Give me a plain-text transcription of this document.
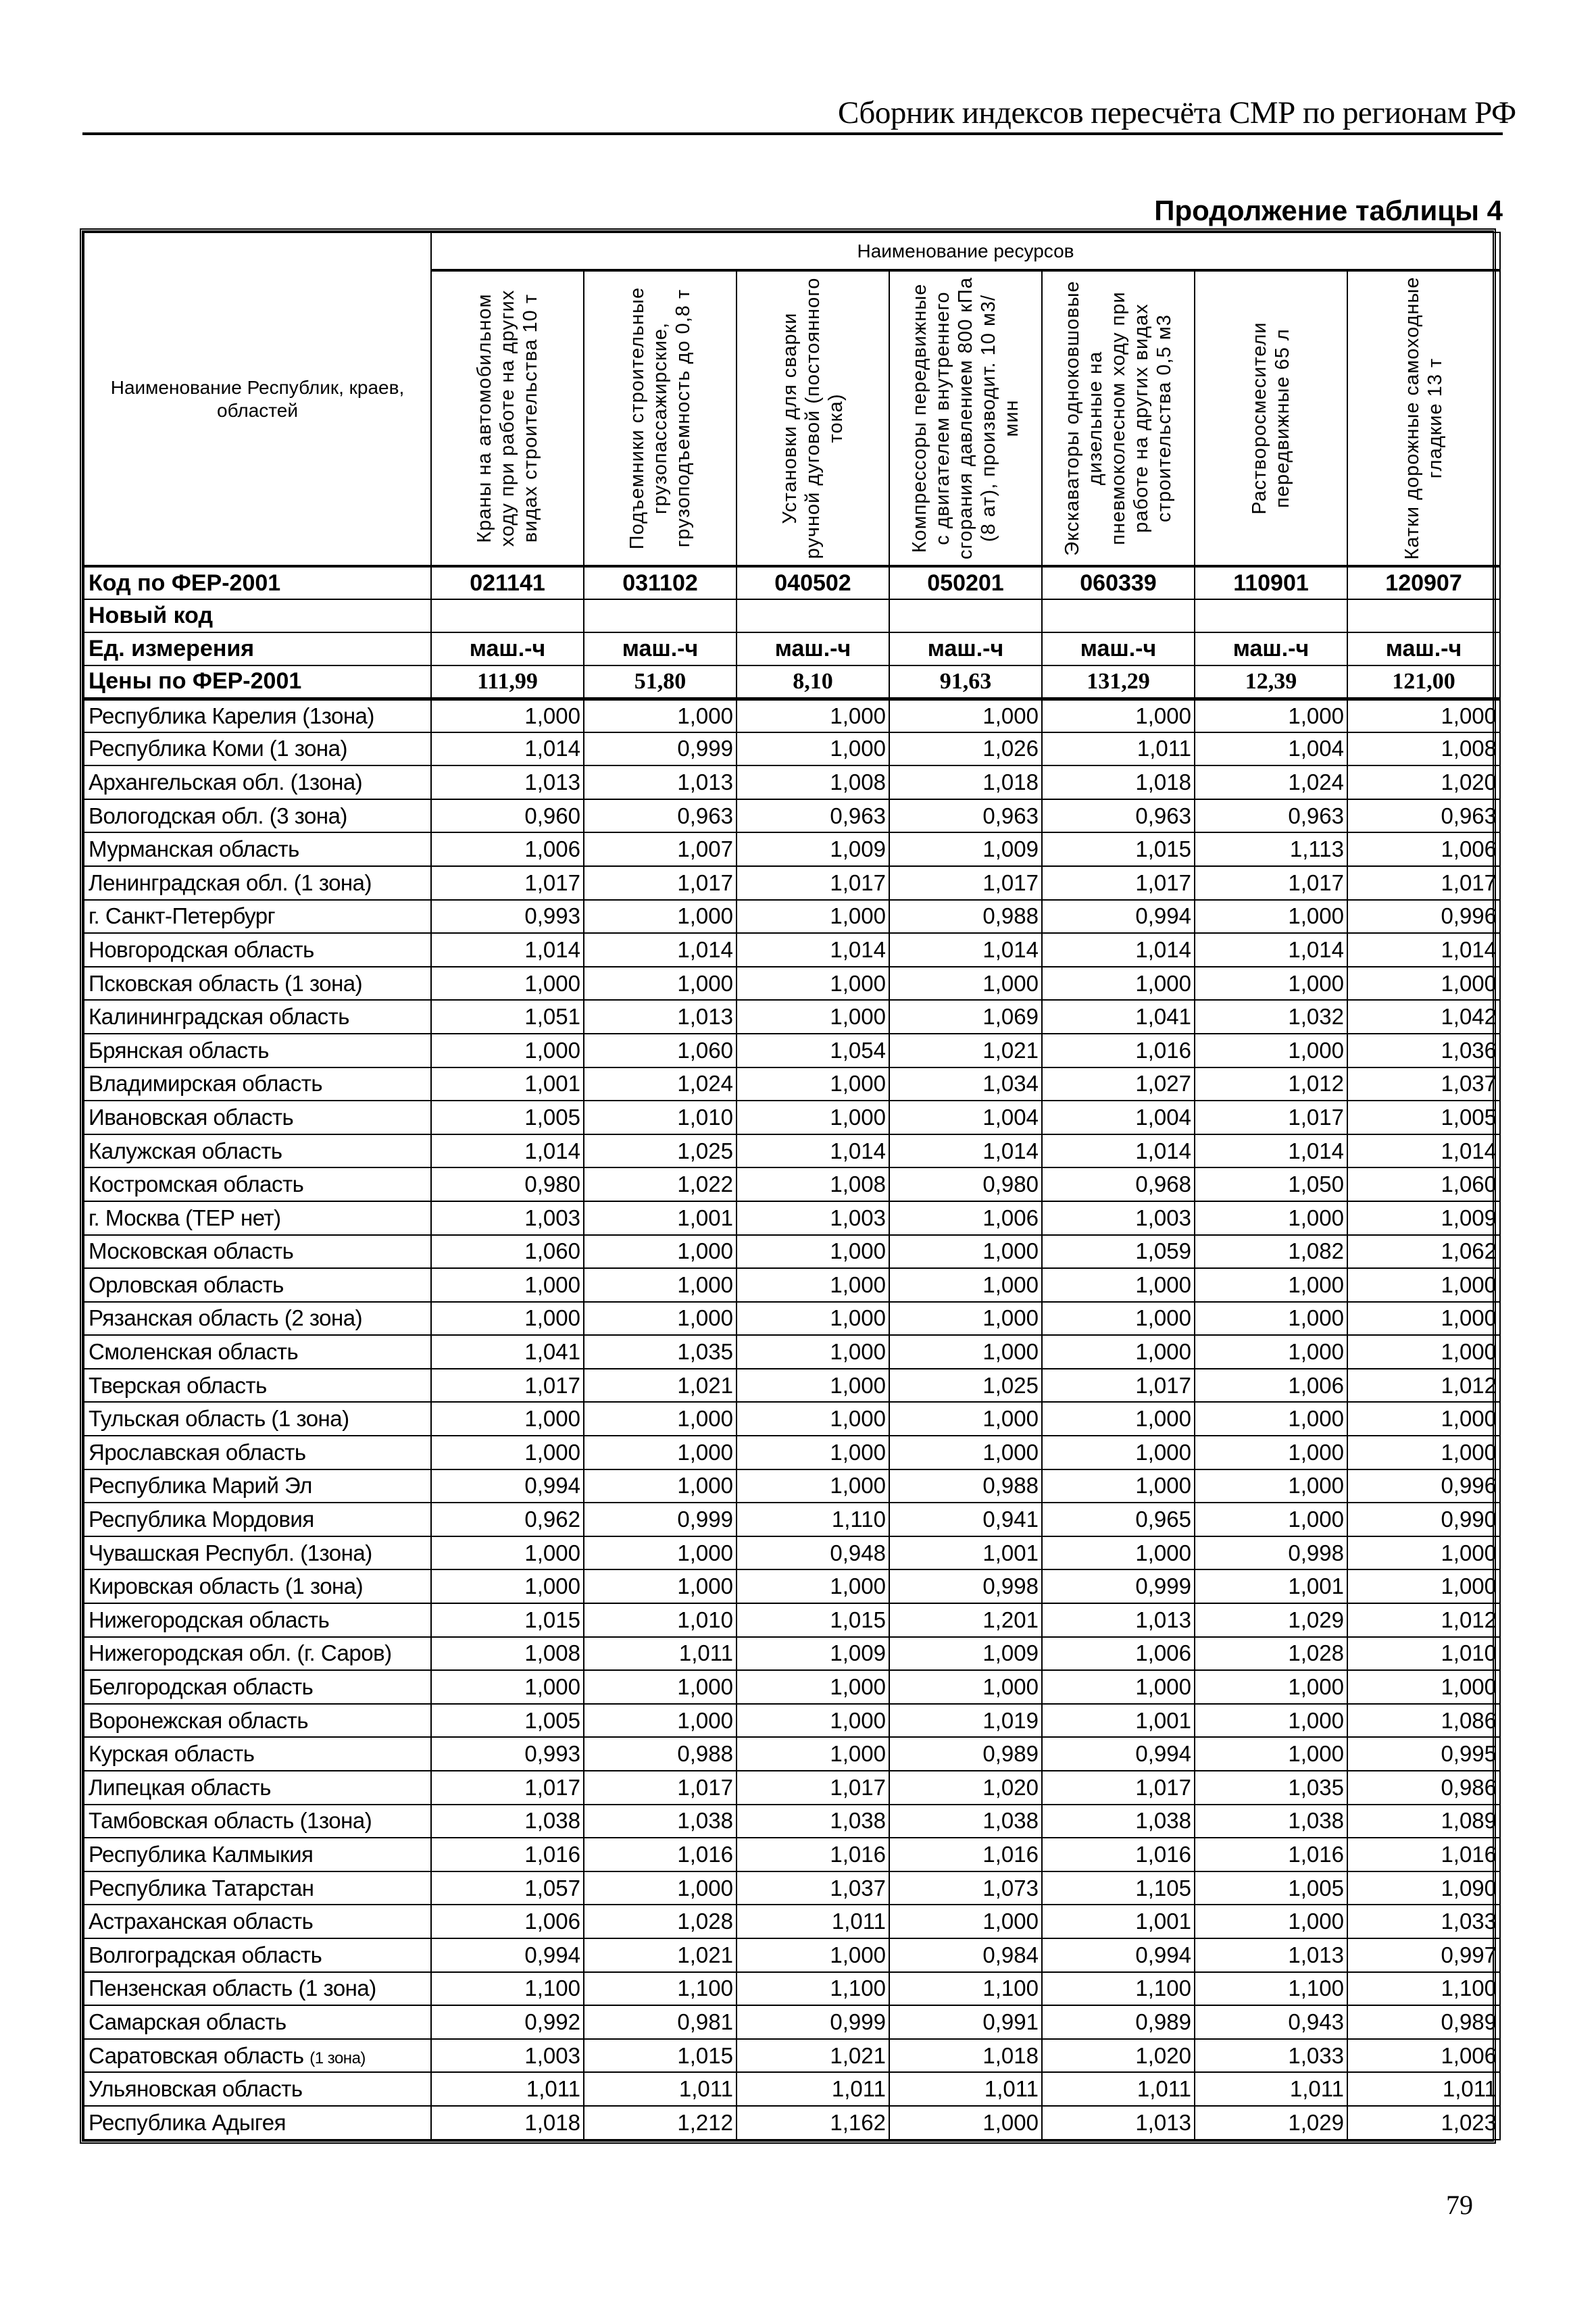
Сборник индексов пересчёта СМР по регионам РФ
Продолжение таблицы 4
Наименование Республик, краев, областей	Наименование ресурсов						

	Краны на автомобильном ходу при работе на других видах строительства 10 т	Подъемники строительные грузопассажирские, грузоподъемность до 0,8 т	Установки для сварки ручной дуговой (постоянного тока)	Компрессоры передвижные с двигателем внутреннего сгорания давлением 800 кПа (8 ат), производит. 10 м3/мин	Экскаваторы одноковшовые дизельные на пневмоколесном ходу при работе на других видах строительства 0,5 м3	Растворосмесители передвижные 65 л	Катки дорожные самоходные гладкие 13 т

Код по ФЕР-2001	021141	031102	040502	050201	060339	110901	120907
Новый код							
Ед. измерения	маш.-ч	маш.-ч	маш.-ч	маш.-ч	маш.-ч	маш.-ч	маш.-ч
Цены по ФЕР-2001	111,99	51,80	8,10	91,63	131,29	12,39	121,00
Республика Карелия (1зона)	1,000	1,000	1,000	1,000	1,000	1,000	1,000
Республика Коми (1 зона)	1,014	0,999	1,000	1,026	1,011	1,004	1,008
Архангельская обл. (1зона)	1,013	1,013	1,008	1,018	1,018	1,024	1,020
Вологодская обл. (3 зона)	0,960	0,963	0,963	0,963	0,963	0,963	0,963
Мурманская область	1,006	1,007	1,009	1,009	1,015	1,113	1,006
Ленинградская обл. (1 зона)	1,017	1,017	1,017	1,017	1,017	1,017	1,017
г. Санкт-Петербург	0,993	1,000	1,000	0,988	0,994	1,000	0,996
Новгородская область	1,014	1,014	1,014	1,014	1,014	1,014	1,014
Псковская область (1 зона)	1,000	1,000	1,000	1,000	1,000	1,000	1,000
Калининградская область	1,051	1,013	1,000	1,069	1,041	1,032	1,042
Брянская область	1,000	1,060	1,054	1,021	1,016	1,000	1,036
Владимирская область	1,001	1,024	1,000	1,034	1,027	1,012	1,037
Ивановская область	1,005	1,010	1,000	1,004	1,004	1,017	1,005
Калужская область	1,014	1,025	1,014	1,014	1,014	1,014	1,014
Костромская область	0,980	1,022	1,008	0,980	0,968	1,050	1,060
г. Москва (ТЕР нет)	1,003	1,001	1,003	1,006	1,003	1,000	1,009
Московская область	1,060	1,000	1,000	1,000	1,059	1,082	1,062
Орловская область	1,000	1,000	1,000	1,000	1,000	1,000	1,000
Рязанская область (2 зона)	1,000	1,000	1,000	1,000	1,000	1,000	1,000
Смоленская область	1,041	1,035	1,000	1,000	1,000	1,000	1,000
Тверская область	1,017	1,021	1,000	1,025	1,017	1,006	1,012
Тульская область (1 зона)	1,000	1,000	1,000	1,000	1,000	1,000	1,000
Ярославская область	1,000	1,000	1,000	1,000	1,000	1,000	1,000
Республика Марий Эл	0,994	1,000	1,000	0,988	1,000	1,000	0,996
Республика Мордовия	0,962	0,999	1,110	0,941	0,965	1,000	0,990
Чувашская Республ. (1зона)	1,000	1,000	0,948	1,001	1,000	0,998	1,000
Кировская область (1 зона)	1,000	1,000	1,000	0,998	0,999	1,001	1,000
Нижегородская область	1,015	1,010	1,015	1,201	1,013	1,029	1,012
Нижегородская обл. (г. Саров)	1,008	1,011	1,009	1,009	1,006	1,028	1,010
Белгородская область	1,000	1,000	1,000	1,000	1,000	1,000	1,000
Воронежская область	1,005	1,000	1,000	1,019	1,001	1,000	1,086
Курская область	0,993	0,988	1,000	0,989	0,994	1,000	0,995
Липецкая область	1,017	1,017	1,017	1,020	1,017	1,035	0,986
Тамбовская область (1зона)	1,038	1,038	1,038	1,038	1,038	1,038	1,089
Республика Калмыкия	1,016	1,016	1,016	1,016	1,016	1,016	1,016
Республика Татарстан	1,057	1,000	1,037	1,073	1,105	1,005	1,090
Астраханская область	1,006	1,028	1,011	1,000	1,001	1,000	1,033
Волгоградская область	0,994	1,021	1,000	0,984	0,994	1,013	0,997
Пензенская область (1 зона)	1,100	1,100	1,100	1,100	1,100	1,100	1,100
Самарская область	0,992	0,981	0,999	0,991	0,989	0,943	0,989
Саратовская область (1 зона)	1,003	1,015	1,021	1,018	1,020	1,033	1,006
Ульяновская область	1,011	1,011	1,011	1,011	1,011	1,011	1,011
Республика Адыгея	1,018	1,212	1,162	1,000	1,013	1,029	1,023
79
